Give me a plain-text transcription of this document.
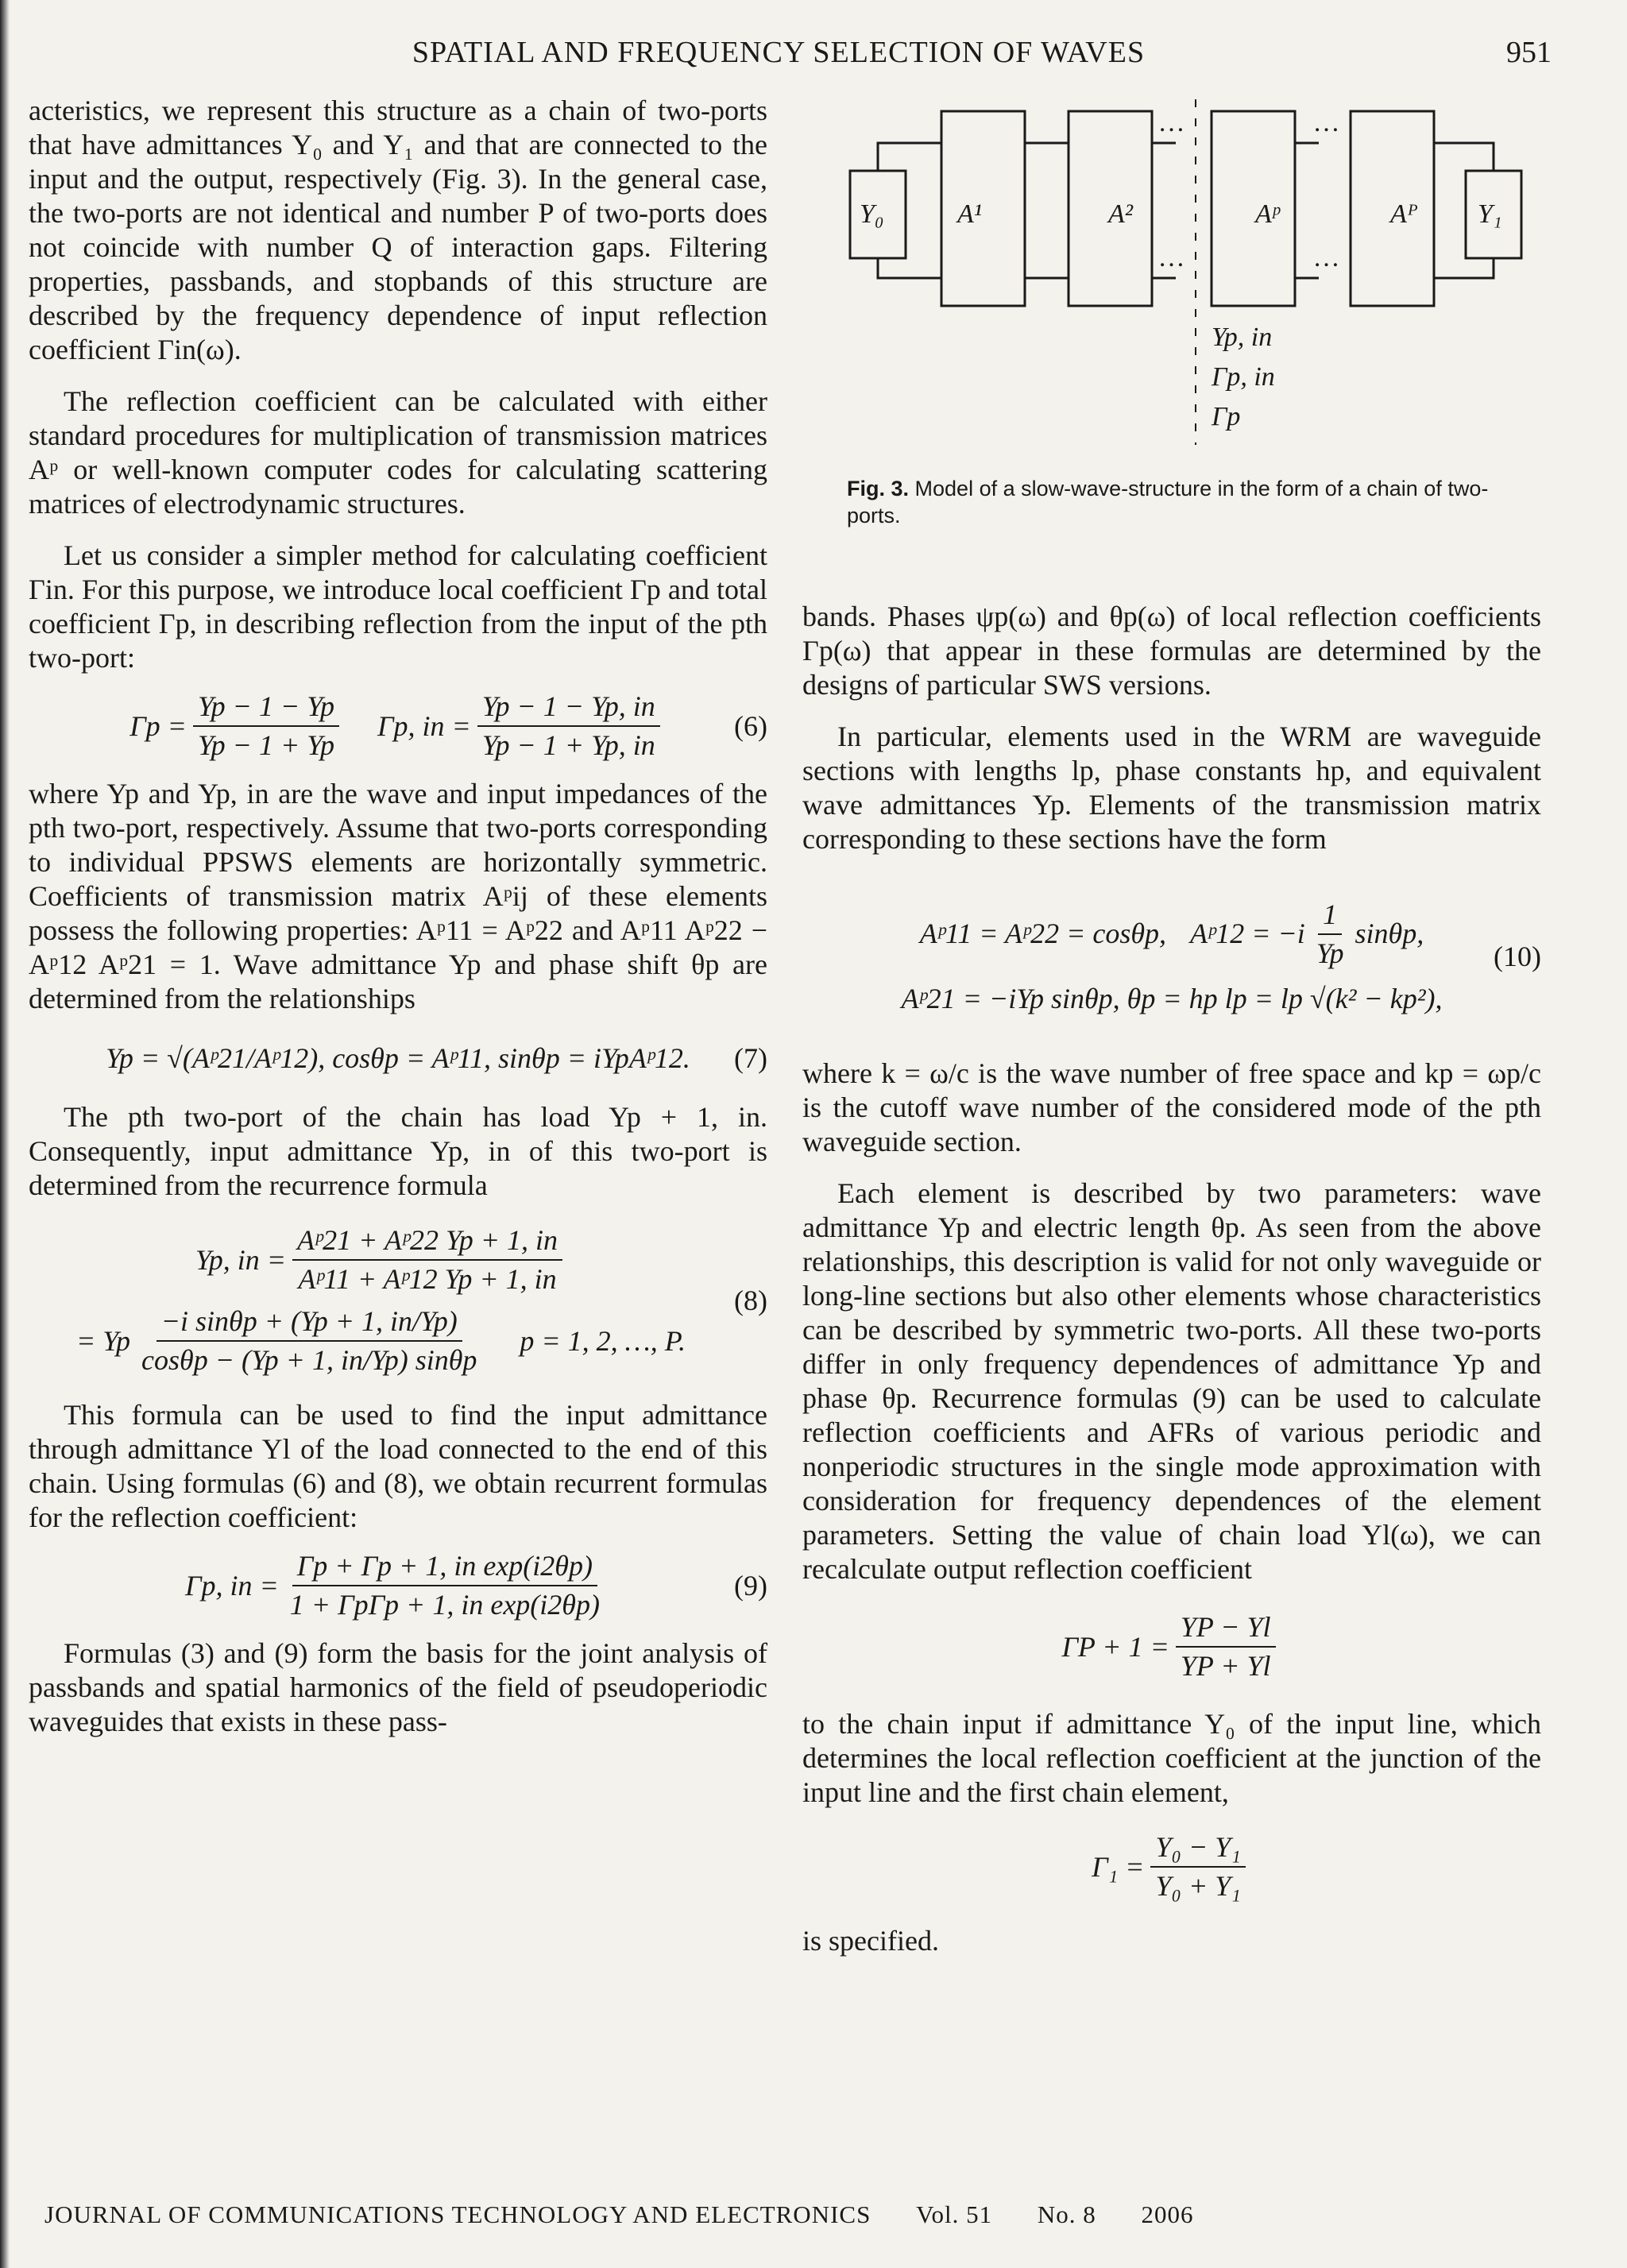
SPATIAL AND FREQUENCY SELECTION OF WAVES	951

acteristics, we represent this structure as a chain of two-ports that have admittances Y₀ and Y₁ and that are connected to the input and the output, respectively (Fig. 3). In the general case, the two-ports are not identical and number P of two-ports does not coincide with number Q of interaction gaps. Filtering properties, passbands, and stopbands of this structure are described by the frequency dependence of input reflection coefficient Γin(ω).

The reflection coefficient can be calculated with either standard procedures for multiplication of transmission matrices Aᵖ or well-known computer codes for calculating scattering matrices of electrodynamic structures.

Let us consider a simpler method for calculating coefficient Γin. For this purpose, we introduce local coefficient Γp and total coefficient Γp, in describing reflection from the input of the pth two-port:

$\Gamma p = \frac{Yp - 1 - Yp}{Yp - 1 + Yp} \Gamma p$, in = $\frac{Yp - 1 - Yp, in}{Yp - 1 + Yp, in}$	(6)

where Yp and Yp, in are the wave and input impedances of the pth two-port, respectively. Assume that two-ports corresponding to individual PPSWS elements are horizontally symmetric. Coefficients of transmission matrix Aᵖij of these elements possess the following properties: Aᵖ11 = Aᵖ22 and Aᵖ11 Aᵖ22 − Aᵖ12 Aᵖ21 = 1. Wave admittance Yp and phase shift θp are determined from the relationships

Yp = √(Aᵖ21/Aᵖ12), cosθp = Aᵖ11, sinθp = iYpAᵖ12. (7)

The pth two-port of the chain has load Yp + 1, in. Consequently, input admittance Yp, in of this two-port is determined from the recurrence formula

Yp, in = $\frac{\text{Aᵖ21 + Aᵖ22 Yp + 1, in}}{\text{Aᵖ11 + Aᵖ12 Yp + 1, in}}$
= Yp $\frac{\text{−i sinθp + (Yp + 1, in/Yp)}}{\cos\theta p - (Yp + 1, in/Yp) \sin\theta p}$ p = 1, 2, …, P.
(8)

This formula can be used to find the input admittance through admittance Yl of the load connected to the end of this chain. Using formulas (6) and (8), we obtain recurrent formulas for the reflection coefficient:

Γp, in = $\frac{\text{Γp + Γp + 1, in exp(i2θp)}}{\text{1 + ΓpΓp + 1, in exp(i2θp)}}$	(9)

Formulas (3) and (9) form the basis for the joint analysis of passbands and spatial harmonics of the field of pseudoperiodic waveguides that exists in these pass-

Y₀	A¹	A²	Aᵖ	Aᴾ Y₁
…
…
…
…
Yp, in
Γp, in
Γp
Fig. 3. Model of a slow-wave-structure in the form of a chain of two-ports.

bands. Phases ψp(ω) and θp(ω) of local reflection coefficients Γp(ω) that appear in these formulas are determined by the designs of particular SWS versions.

In particular, elements used in the WRM are waveguide sections with lengths lp, phase constants hp, and equivalent wave admittances Yp. Elements of the transmission matrix corresponding to these sections have the form

Aᵖ11 = Aᵖ22 = cosθp, Aᵖ12 = $-i \frac{1}{Yp} \sin\theta p$,
Aᵖ21 = −iYp sinθp, θp = hp lp = lp √(k² − kp²),
(10)

where k = ω/c is the wave number of free space and kp = ωp/c is the cutoff wave number of the considered mode of the pth waveguide section.

Each element is described by two parameters: wave admittance Yp and electric length θp. As seen from the above relationships, this description is valid for not only waveguide or long-line sections but also other elements whose characteristics can be described by symmetric two-ports. All these two-ports differ in only frequency dependences of admittance Yp and phase θp. Recurrence formulas (9) can be used to calculate reflection coefficients and AFRs of various periodic and nonperiodic structures in the single mode approximation with consideration for frequency dependences of the element parameters. Setting the value of chain load Yl(ω), we can recalculate output reflection coefficient

$\Gamma P + 1 = \frac{YP - Yl}{YP + Yl}$

to the chain input if admittance Y₀ of the input line, which determines the local reflection coefficient at the junction of the input line and the first chain element,

$\Gamma_1 = \frac{\text{Y₀ − Y₁}}{\text{Y₀ + Y₁}}$

is specified.

JOURNAL OF COMMUNICATIONS TECHNOLOGY AND ELECTRONICS Vol. 51 No. 8 2006
